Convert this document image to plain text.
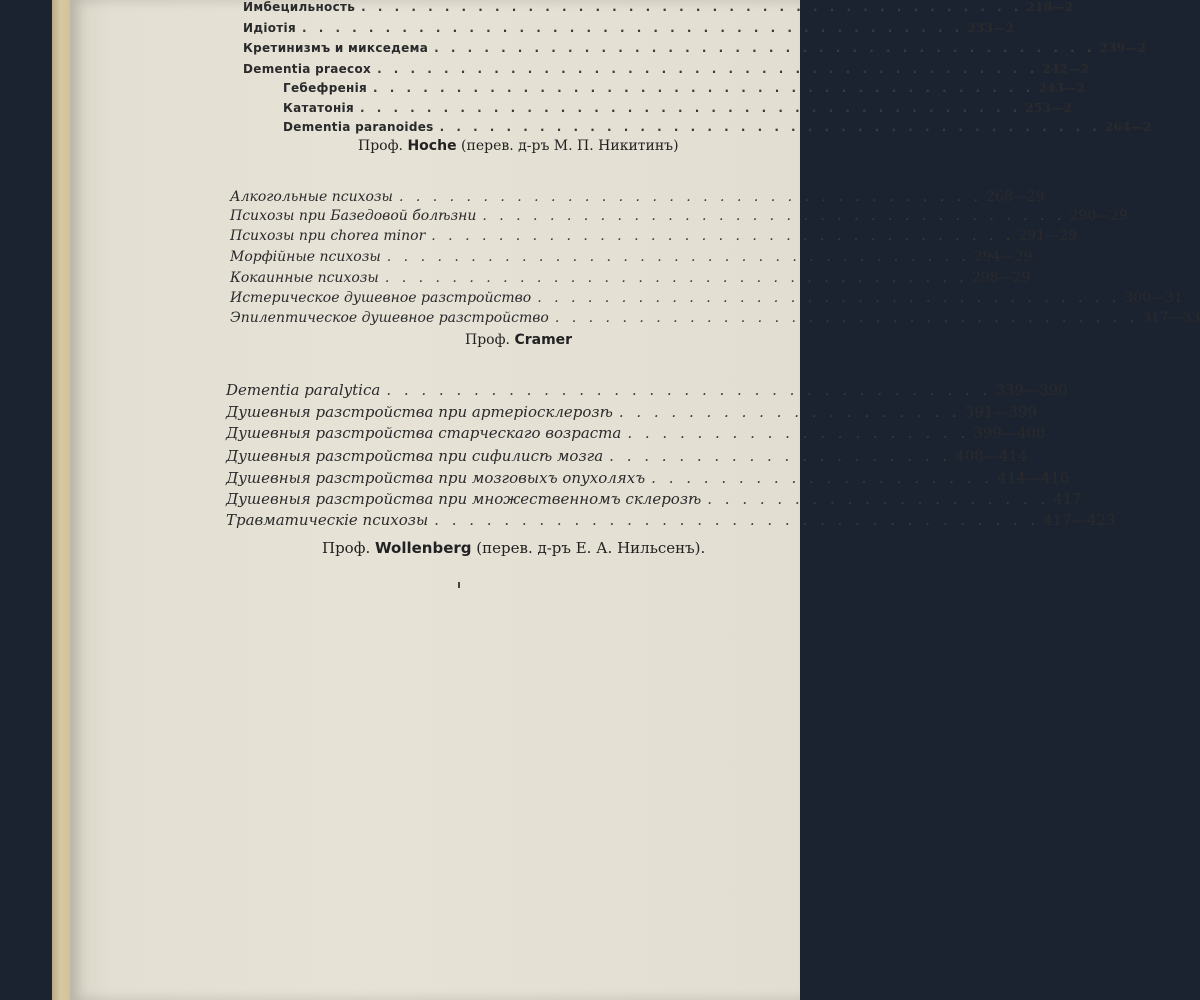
Имбецильность . . . . . . . . . . . . . . . . . . . . . . . . . . . . . . . . . . . . . . . . 218—2
Идіотія . . . . . . . . . . . . . . . . . . . . . . . . . . . . . . . . . . . . . . . . 233—2
Кретинизмъ и микседема . . . . . . . . . . . . . . . . . . . . . . . . . . . . . . . . . . . . . . . . 239—2
Dementia praecox . . . . . . . . . . . . . . . . . . . . . . . . . . . . . . . . . . . . . . . . 242—2
Гебефренія . . . . . . . . . . . . . . . . . . . . . . . . . . . . . . . . . . . . . . . . 243—2
Кататонія . . . . . . . . . . . . . . . . . . . . . . . . . . . . . . . . . . . . . . . . 253—2
Dementia paranoides . . . . . . . . . . . . . . . . . . . . . . . . . . . . . . . . . . . . . . . . 264—2
Проф. Hoche (перев. д-ръ М. П. Никитинъ)
Алкогольные психозы . . . . . . . . . . . . . . . . . . . . . . . . . . . . . . . . . . . 268—29
Психозы при Базедовой болѣзни . . . . . . . . . . . . . . . . . . . . . . . . . . . . . . . . . . . 290—29
Психозы при chorea minor . . . . . . . . . . . . . . . . . . . . . . . . . . . . . . . . . . . 291—29
Морфійные психозы . . . . . . . . . . . . . . . . . . . . . . . . . . . . . . . . . . . 294—29
Кокаинные психозы . . . . . . . . . . . . . . . . . . . . . . . . . . . . . . . . . . . 298—29
Истерическое душевное разстройство . . . . . . . . . . . . . . . . . . . . . . . . . . . . . . . . . . . 300—31
Эпилептическое душевное разстройство . . . . . . . . . . . . . . . . . . . . . . . . . . . . . . . . . . . 317—33
Проф. Cramer
Dementia paralytica . . . . . . . . . . . . . . . . . . . . . . . . . . . . . . . . . . . 339—390
Душевныя разстройства при артеріосклерозѣ . . . . . . . . . . . . . . . . . . . . 391—399
Душевныя разстройства старческаго возраста . . . . . . . . . . . . . . . . . . . . 399—408
Душевныя разстройства при сифилисѣ мозга . . . . . . . . . . . . . . . . . . . . 408—414
Душевныя разстройства при мозговыхъ опухоляхъ . . . . . . . . . . . . . . . . . . . . 414—416
Душевныя разстройства при множественномъ склерозѣ . . . . . . . . . . . . . . . . . . . . 417
Травматическіе психозы . . . . . . . . . . . . . . . . . . . . . . . . . . . . . . . . . . . 417—423
Проф. Wollenberg (перев. д-ръ Е. А. Нильсенъ).
